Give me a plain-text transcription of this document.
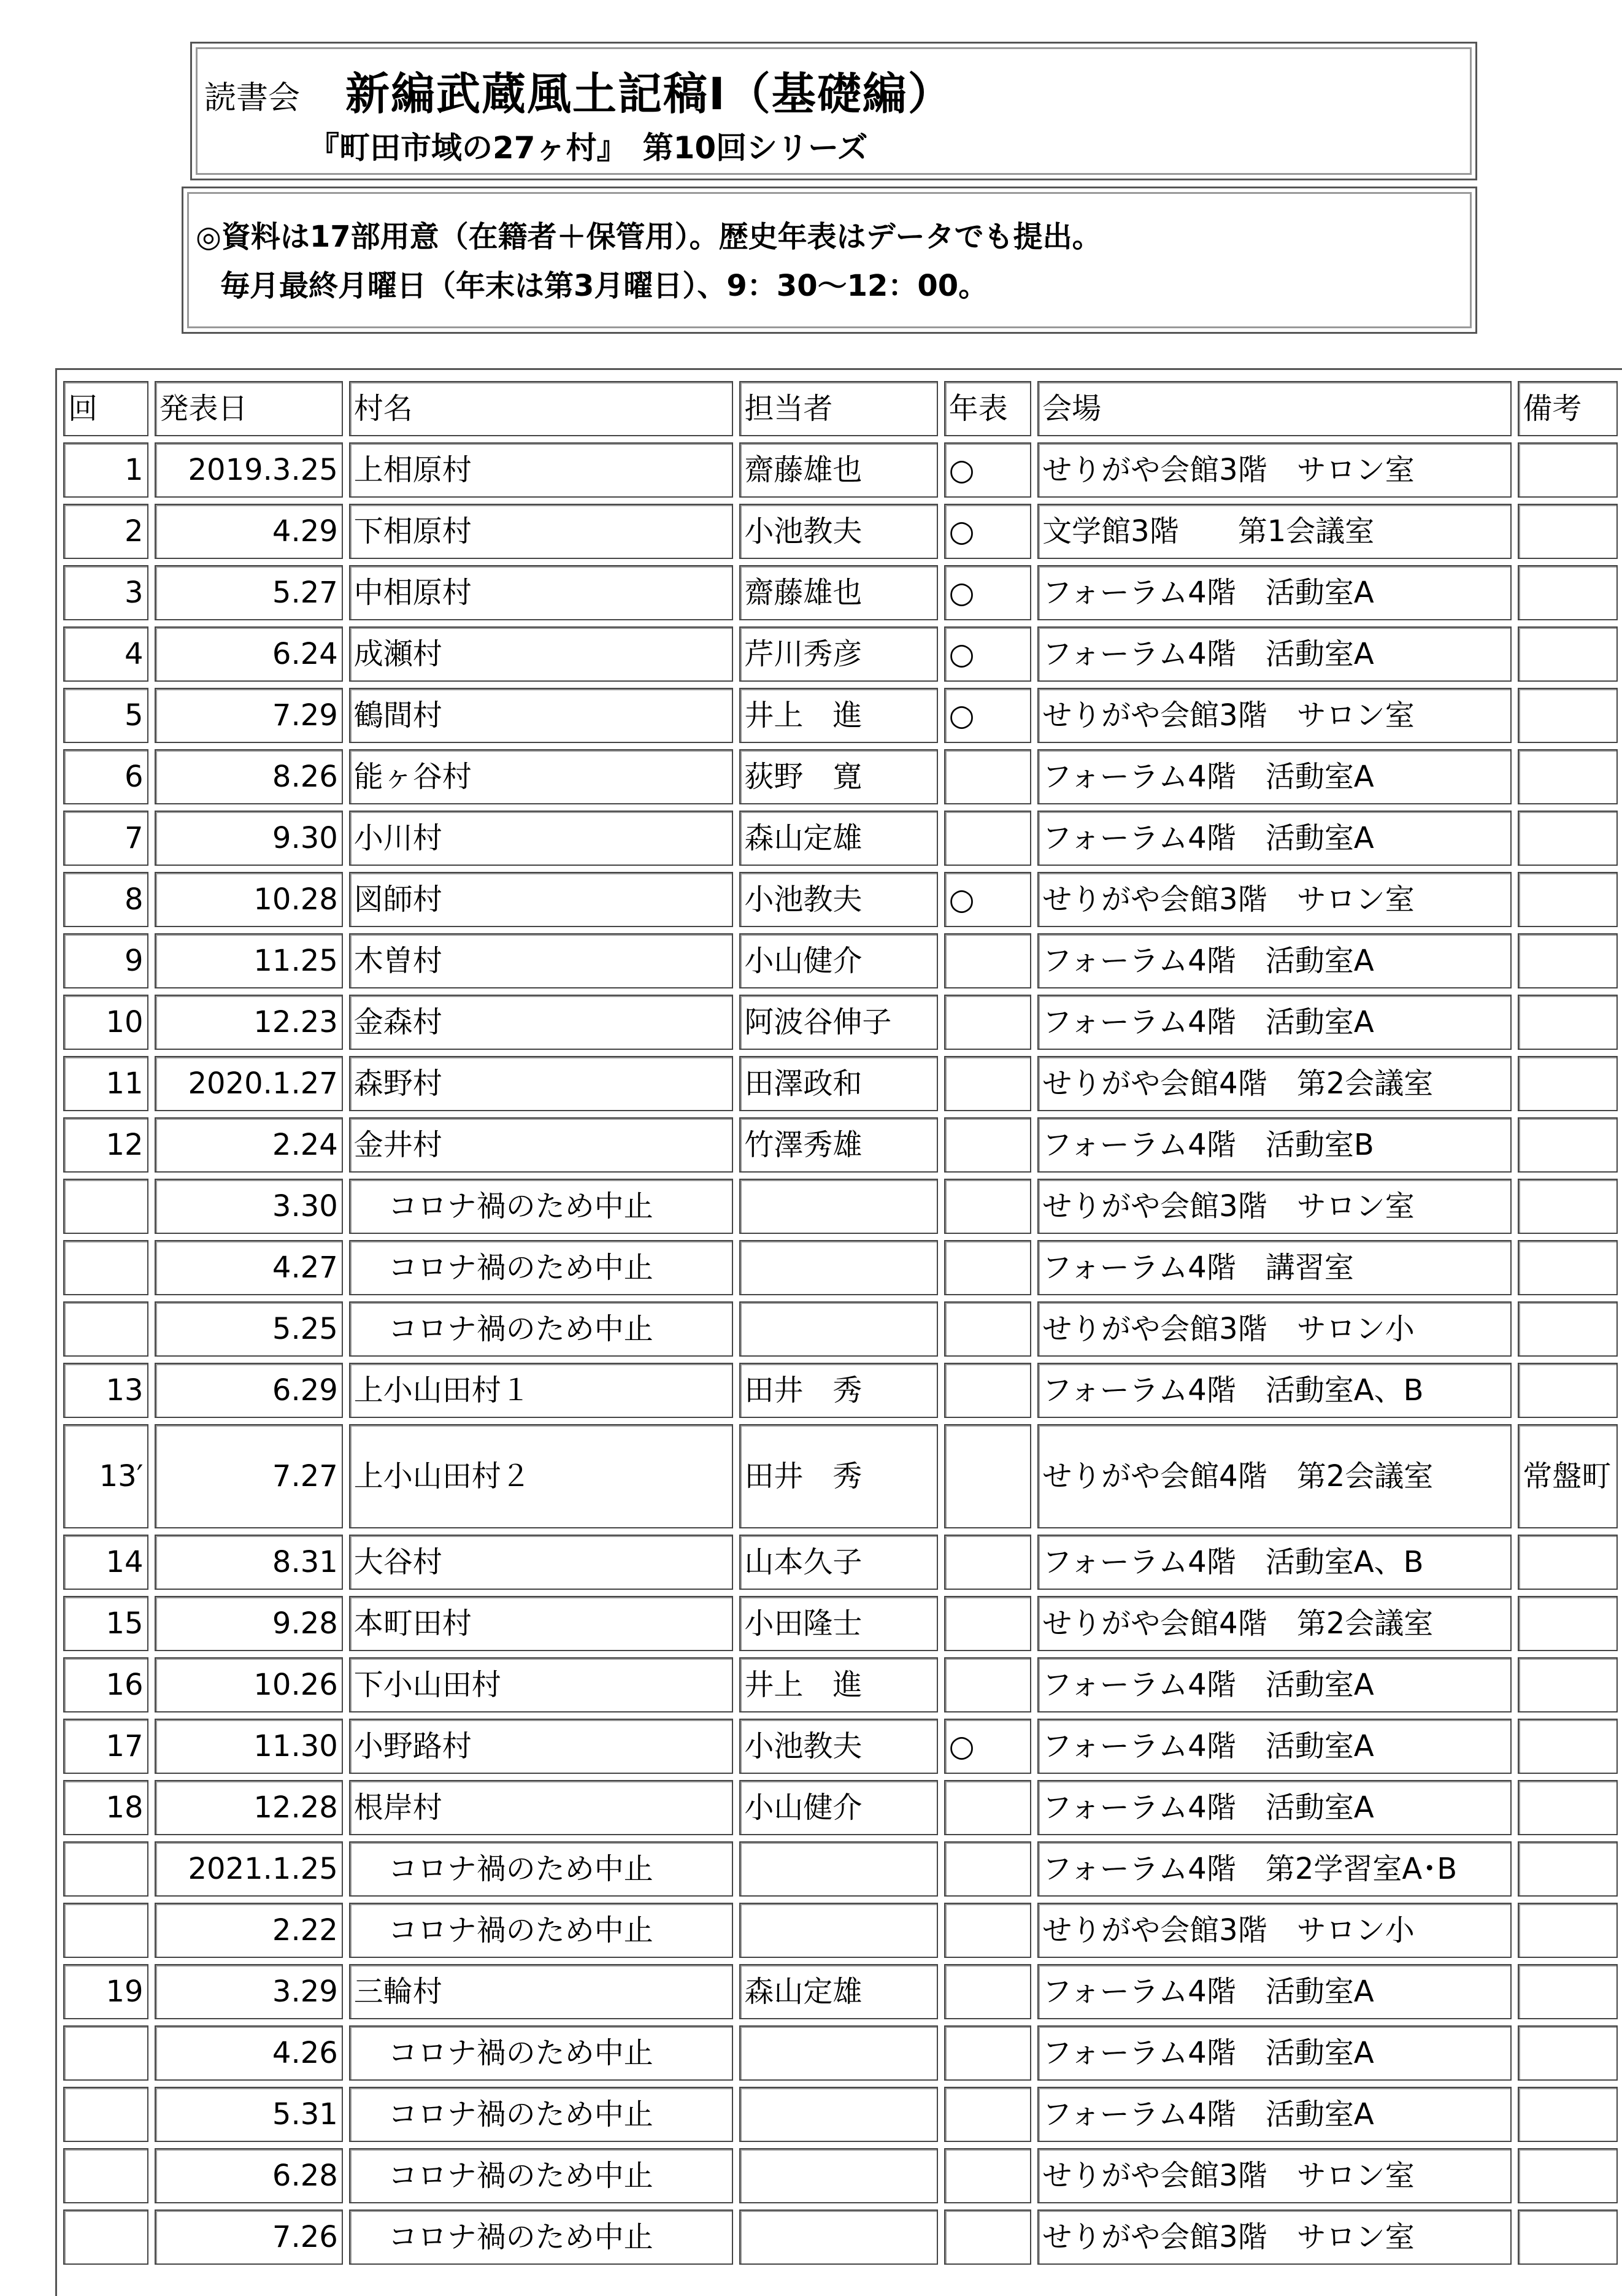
読書会 新編武蔵風土記稿Ⅰ（基礎編）
『町田市域の27ヶ村』　第10回シリーズ
◎資料は17部用意（在籍者＋保管用）。歴史年表はデータでも提出。
毎月最終月曜日（年末は第3月曜日）、9：30～12：00。
回	発表日	村名	担当者	年表	会場	備考
1	2019.3.25	上相原村	齋藤雄也	○	せりがや会館3階　サロン室	
2	4.29	下相原村	小池教夫	○	文学館3階　　第1会議室	
3	5.27	中相原村	齋藤雄也	○	フォーラム4階　活動室A	
4	6.24	成瀬村	芹川秀彦	○	フォーラム4階　活動室A	
5	7.29	鶴間村	井上　進	○	せりがや会館3階　サロン室	
6	8.26	能ヶ谷村	荻野　寛		フォーラム4階　活動室A	
7	9.30	小川村	森山定雄		フォーラム4階　活動室A	
8	10.28	図師村	小池教夫	○	せりがや会館3階　サロン室	
9	11.25	木曽村	小山健介		フォーラム4階　活動室A	
10	12.23	金森村	阿波谷伸子		フォーラム4階　活動室A	
11	2020.1.27	森野村	田澤政和		せりがや会館4階　第2会議室	
12	2.24	金井村	竹澤秀雄		フォーラム4階　活動室B	
	3.30	コロナ禍のため中止			せりがや会館3階　サロン室	
	4.27	コロナ禍のため中止			フォーラム4階　講習室	
	5.25	コロナ禍のため中止			せりがや会館3階　サロン小	
13	6.29	上小山田村１	田井　秀		フォーラム4階　活動室A、B	
13′	7.27	上小山田村２	田井　秀		せりがや会館4階　第2会議室	常盤町
14	8.31	大谷村	山本久子		フォーラム4階　活動室A、B	
15	9.28	本町田村	小田隆士		せりがや会館4階　第2会議室	
16	10.26	下小山田村	井上　進		フォーラム4階　活動室A	
17	11.30	小野路村	小池教夫	○	フォーラム4階　活動室A	
18	12.28	根岸村	小山健介		フォーラム4階　活動室A	
	2021.1.25	コロナ禍のため中止			フォーラム4階　第2学習室A･B	
	2.22	コロナ禍のため中止			せりがや会館3階　サロン小	
19	3.29	三輪村	森山定雄		フォーラム4階　活動室A	
	4.26	コロナ禍のため中止			フォーラム4階　活動室A	
	5.31	コロナ禍のため中止			フォーラム4階　活動室A	
	6.28	コロナ禍のため中止			せりがや会館3階　サロン室	
	7.26	コロナ禍のため中止			せりがや会館3階　サロン室	
